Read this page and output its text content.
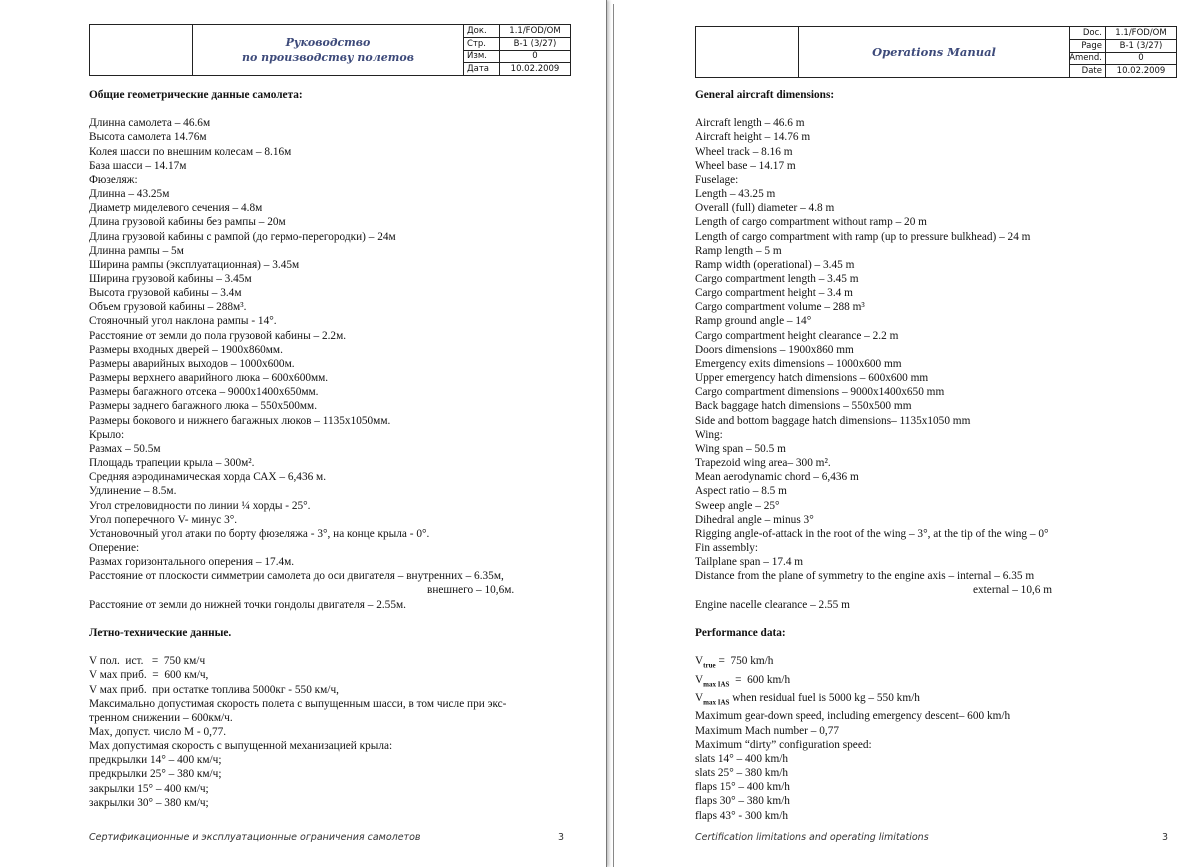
Руководство
по производству полетов
Док.	1.1/FOD/OM
Стр.	B-1 (3/27)
Изм.	0
Дата	10.02.2009
Общие геометрические данные самолета:
Длинна самолета – 46.6м
Высота самолета 14.76м
Колея шасси по внешним колесам – 8.16м
База шасси – 14.17м
Фюзеляж:
Длинна – 43.25м
Диаметр миделевого сечения – 4.8м
Длина грузовой кабины без рампы – 20м
Длина грузовой кабины с рампой (до гермо-перегородки) – 24м
Длинна рампы – 5м
Ширина рампы (эксплуатационная) – 3.45м
Ширина грузовой кабины – 3.45м
Высота грузовой кабины – 3.4м
Объем грузовой кабины – 288м³.
Стояночный угол наклона рампы - 14°.
Расстояние от земли до пола грузовой кабины – 2.2м.
Размеры входных дверей – 1900x860мм.
Размеры аварийных выходов – 1000x600м.
Размеры верхнего аварийного люка – 600x600мм.
Размеры багажного отсека – 9000x1400x650мм.
Размеры заднего багажного люка – 550x500мм.
Размеры бокового и нижнего багажных люков – 1135x1050мм.
Крыло:
Размах – 50.5м
Площадь трапеции крыла – 300м².
Средняя аэродинамическая хорда САХ – 6,436 м.
Удлинение – 8.5м.
Угол стреловидности по линии ¼ хорды - 25°.
Угол поперечного V- минус 3°.
Установочный угол атаки по борту фюзеляжа - 3°, на конце крыла - 0°.
Оперение:
Размах горизонтального оперения – 17.4м.
Расстояние от плоскости симметрии самолета до оси двигателя – внутренних – 6.35м,
внешнего – 10,6м.
Расстояние от земли до нижней точки гондолы двигателя – 2.55м.
Летно-технические данные.
V пол.  ист.   =  750 км/ч
V мах приб.  =  600 км/ч,
V мах приб.  при остатке топлива 5000кг - 550 км/ч,
Максимально допустимая скорость полета с выпущенным шасси, в том числе при экс-
тренном снижении – 600км/ч.
Мах, допуст. число М - 0,77.
Мах допустимая скорость с выпущенной механизацией крыла:
предкрылки 14° – 400 км/ч;
предкрылки 25° – 380 км/ч;
закрылки 15° – 400 км/ч;
закрылки 30° – 380 км/ч;
Сертификационные и эксплуатационные ограничения самолетов	3
Operations Manual
Doc.	1.1/FOD/OM
Page	B-1 (3/27)
Amend.	0
Date	10.02.2009
General aircraft dimensions:
Aircraft length – 46.6 m
Aircraft height – 14.76 m
Wheel track – 8.16 m
Wheel base – 14.17 m
Fuselage:
Length – 43.25 m
Overall (full) diameter – 4.8 m
Length of cargo compartment without ramp – 20 m
Length of cargo compartment with ramp (up to pressure bulkhead) – 24 m
Ramp length – 5 m
Ramp width (operational) – 3.45 m
Cargo compartment length – 3.45 m
Cargo compartment height – 3.4 m
Cargo compartment volume – 288 m³
Ramp ground angle – 14°
Cargo compartment height clearance – 2.2 m
Doors dimensions – 1900x860 mm
Emergency exits dimensions – 1000x600 mm
Upper emergency hatch dimensions – 600x600 mm
Cargo compartment dimensions – 9000x1400x650 mm
Back baggage hatch dimensions – 550x500 mm
Side and bottom baggage hatch dimensions– 1135x1050 mm
Wing:
Wing span – 50.5 m
Trapezoid wing area– 300 m².
Mean aerodynamic chord – 6,436 m
Aspect ratio – 8.5 m
Sweep angle – 25°
Dihedral angle – minus 3°
Rigging angle-of-attack in the root of the wing – 3°, at the tip of the wing – 0°
Fin assembly:
Tailplane span – 17.4 m
Distance from the plane of symmetry to the engine axis – internal – 6.35 m
external – 10,6 m
Engine nacelle clearance – 2.55 m
Performance data:
$V_{true} = 750$ km/h
$V_{max IAS} = 600$ km/h
$V_{max IAS}$ when residual fuel is 5000 kg – 550 km/h
Maximum gear-down speed, including emergency descent– 600 km/h
Maximum Mach number – 0,77
Maximum “dirty” configuration speed:
slats 14° – 400 km/h
slats 25° – 380 km/h
flaps 15° – 400 km/h
flaps 30° – 380 km/h
flaps 43° - 300 km/h
Certification limitations and operating limitations	3
